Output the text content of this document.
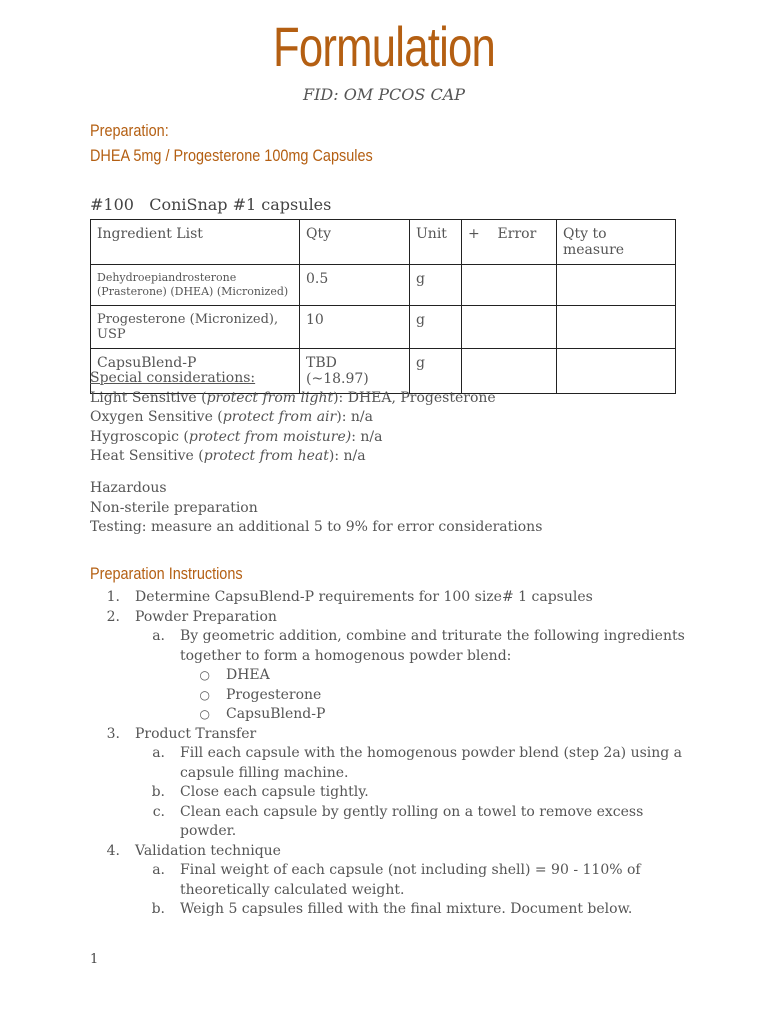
Formulation
FID: OM PCOS CAP
Preparation:
DHEA 5mg / Progesterone 100mg Capsules
#100   ConiSnap #1 capsules
Ingredient List	Qty	Unit	+    Error	Qty to measure
Dehydroepiandrosterone (Prasterone) (DHEA) (Micronized)	0.5	g		
Progesterone (Micronized), USP	10	g		
CapsuBlend-P	TBD (~18.97)	g		
Special considerations:
Light Sensitive (protect from light): DHEA, Progesterone
Oxygen Sensitive (protect from air): n/a
Hygroscopic (protect from moisture): n/a
Heat Sensitive (protect from heat): n/a
Hazardous
Non-sterile preparation
Testing: measure an additional 5 to 9% for error considerations
Preparation Instructions
1. Determine CapsuBlend-P requirements for 100 size# 1 capsules
2. Powder Preparation
a. By geometric addition, combine and triturate the following ingredients together to form a homogenous powder blend:
○ DHEA
○ Progesterone
○ CapsuBlend-P
3. Product Transfer
a. Fill each capsule with the homogenous powder blend (step 2a) using a capsule filling machine.
b. Close each capsule tightly.
c. Clean each capsule by gently rolling on a towel to remove excess powder.
4. Validation technique
a. Final weight of each capsule (not including shell) = 90 - 110% of theoretically calculated weight.
b. Weigh 5 capsules filled with the final mixture. Document below.
1
